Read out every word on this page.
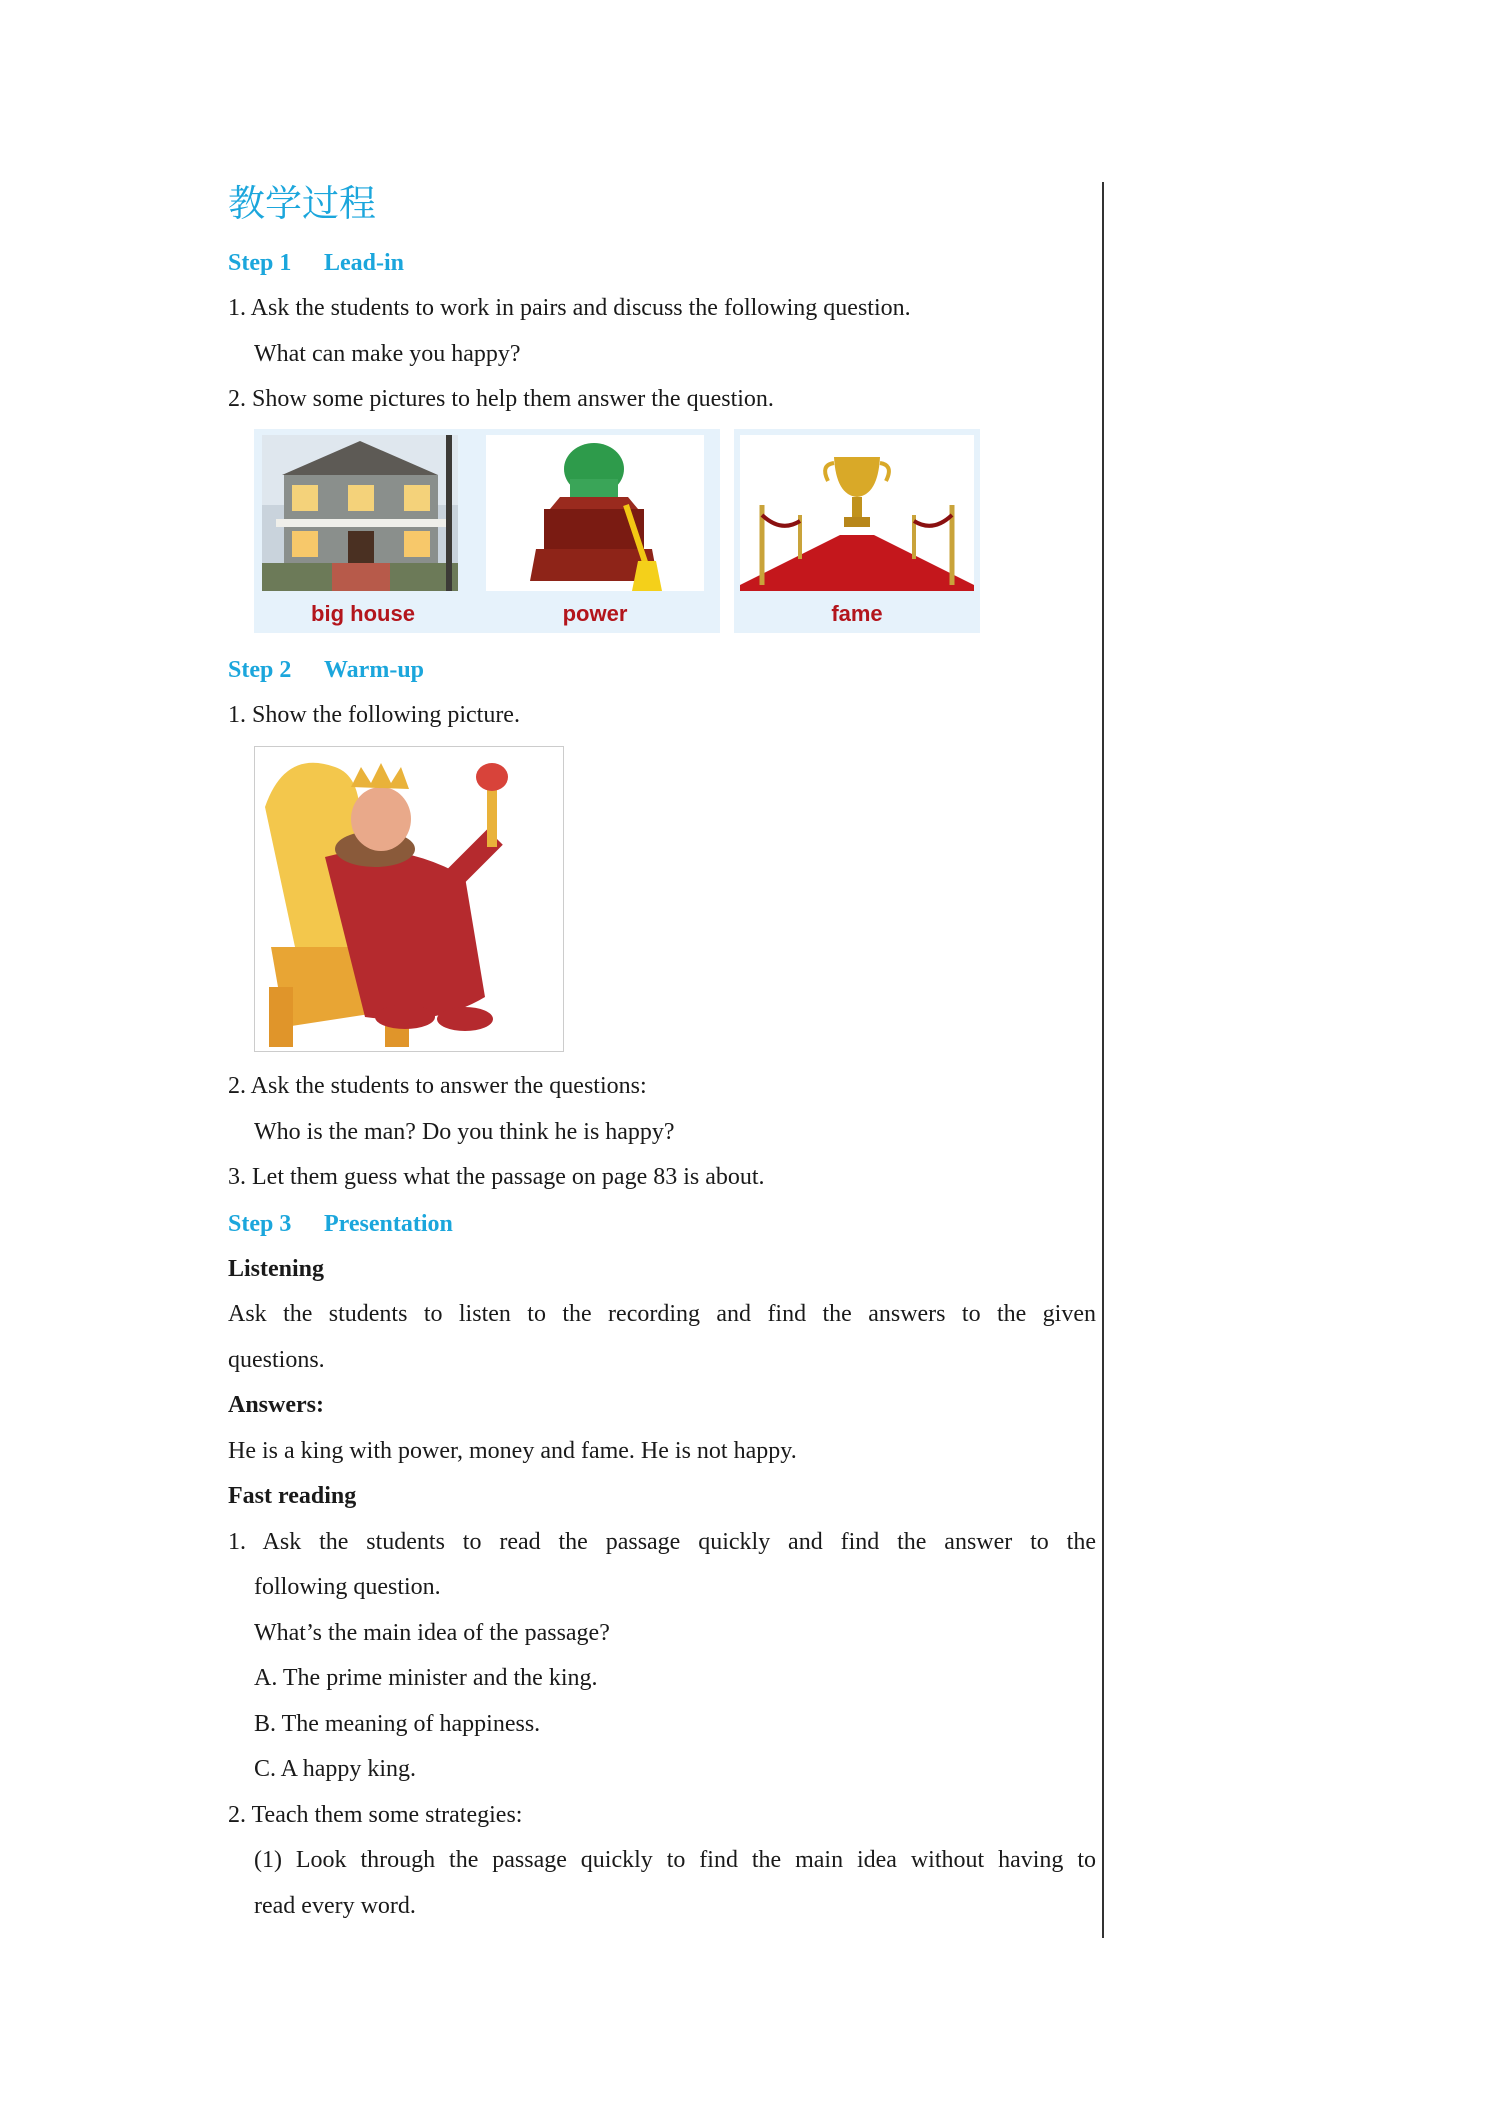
教学过程
Step 1 Lead-in
1. Ask the students to work in pairs and discuss the following question.
What can make you happy?
2. Show some pictures to help them answer the question.
big house	power	fame
Step 2 Warm-up
1. Show the following picture.
2. Ask the students to answer the questions:
Who is the man? Do you think he is happy?
3. Let them guess what the passage on page 83 is about.
Step 3 Presentation
Listening
Ask the students to listen to the recording and find the answers to the given
questions.
Answers:
He is a king with power, money and fame. He is not happy.
Fast reading
1. Ask the students to read the passage quickly and find the answer to the
following question.
What’s the main idea of the passage?
A. The prime minister and the king.
B. The meaning of happiness.
C. A happy king.
2. Teach them some strategies:
(1) Look through the passage quickly to find the main idea without having to
read every word.
